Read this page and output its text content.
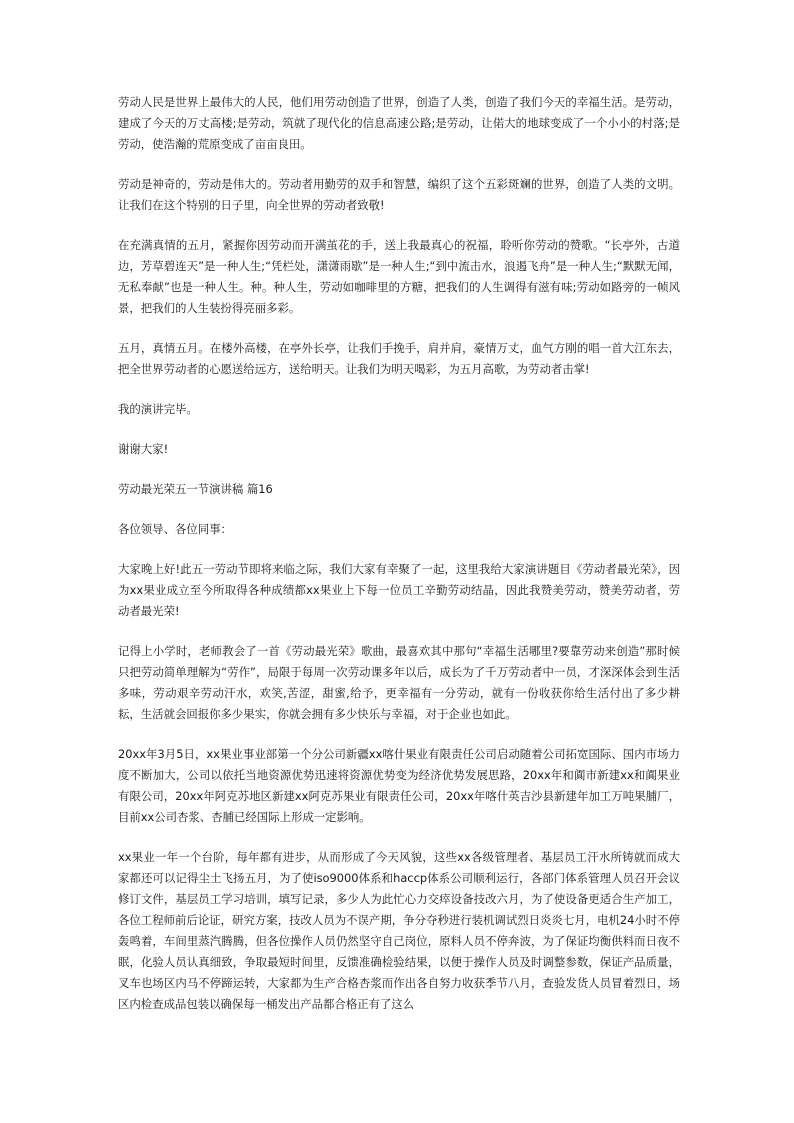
劳动人民是世界上最伟大的人民，他们用劳动创造了世界，创造了人类，创造了我们今天的幸福生活。是劳动，建成了今天的万丈高楼;是劳动，筑就了现代化的信息高速公路;是劳动，让偌大的地球变成了一个小小的村落;是劳动，使浩瀚的荒原变成了亩亩良田。

劳动是神奇的，劳动是伟大的。劳动者用勤劳的双手和智慧，编织了这个五彩斑斓的世界，创造了人类的文明。让我们在这个特别的日子里，向全世界的劳动者致敬!

在充满真情的五月，紧握你因劳动而开满茧花的手，送上我最真心的祝福，聆听你劳动的赞歌。“长亭外，古道边，芳草碧连天”是一种人生;“凭栏处，潇潇雨歇”是一种人生;“到中流击水，浪遏飞舟”是一种人生;“默默无闻，无私奉献”也是一种人生。种。种人生，劳动如咖啡里的方糖，把我们的人生调得有滋有味;劳动如路旁的一帧风景，把我们的人生装扮得亮丽多彩。

五月，真情五月。在楼外高楼，在亭外长亭，让我们手挽手，肩并肩，豪情万丈，血气方刚的唱一首大江东去，把全世界劳动者的心愿送给远方，送给明天。让我们为明天喝彩，为五月高歌，为劳动者击掌!

我的演讲完毕。

谢谢大家!

劳动最光荣五一节演讲稿 篇16

各位领导、各位同事：

大家晚上好!此五一劳动节即将来临之际，我们大家有幸聚了一起，这里我给大家演讲题目《劳动者最光荣》，因为xx果业成立至今所取得各种成绩都xx果业上下每一位员工辛勤劳动结晶，因此我赞美劳动，赞美劳动者，劳动者最光荣!

记得上小学时，老师教会了一首《劳动最光荣》歌曲，最喜欢其中那句“幸福生活哪里?要靠劳动来创造”那时候只把劳动简单理解为“劳作”，局限于每周一次劳动课多年以后，成长为了千万劳动者中一员，才深深体会到生活多味，劳动艰辛劳动汗水，欢笑,苦涩，甜蜜,给予，更幸福有一分劳动，就有一份收获你给生活付出了多少耕耘，生活就会回报你多少果实，你就会拥有多少快乐与幸福，对于企业也如此。

20xx年3月5日，xx果业事业部第一个分公司新疆xx喀什果业有限责任公司启动随着公司拓宽国际、国内市场力度不断加大，公司以依托当地资源优势迅速将资源优势变为经济优势发展思路，20xx年和阗市新建xx和阗果业有限公司，20xx年阿克苏地区新建xx阿克苏果业有限责任公司，20xx年喀什英吉沙县新建年加工万吨果脯厂，目前xx公司杏浆、杏脯已经国际上形成一定影响。

xx果业一年一个台阶，每年都有进步，从而形成了今天风貌，这些xx各级管理者、基层员工汗水所铸就而成大家都还可以记得尘土飞扬五月，为了使iso9000体系和haccp体系公司顺利运行，各部门体系管理人员召开会议修订文件，基层员工学习培训，填写记录，多少人为此忙心力交瘁设备技改六月，为了使设备更适合生产加工，各位工程师前后论证，研究方案，技改人员为不误产期，争分夺秒进行装机调试烈日炎炎七月，电机24小时不停轰鸣着，车间里蒸汽腾腾，但各位操作人员仍然坚守自己岗位，原料人员不停奔波，为了保证均衡供料而日夜不眠，化验人员认真细致，争取最短时间里，反馈准确检验结果，以便于操作人员及时调整参数，保证产品质量，叉车也场区内马不停蹄运转，大家都为生产合格杏浆而作出各自努力收获季节八月，查验发货人员冒着烈日，场区内检查成品包装以确保每一桶发出产品都合格正有了这么
